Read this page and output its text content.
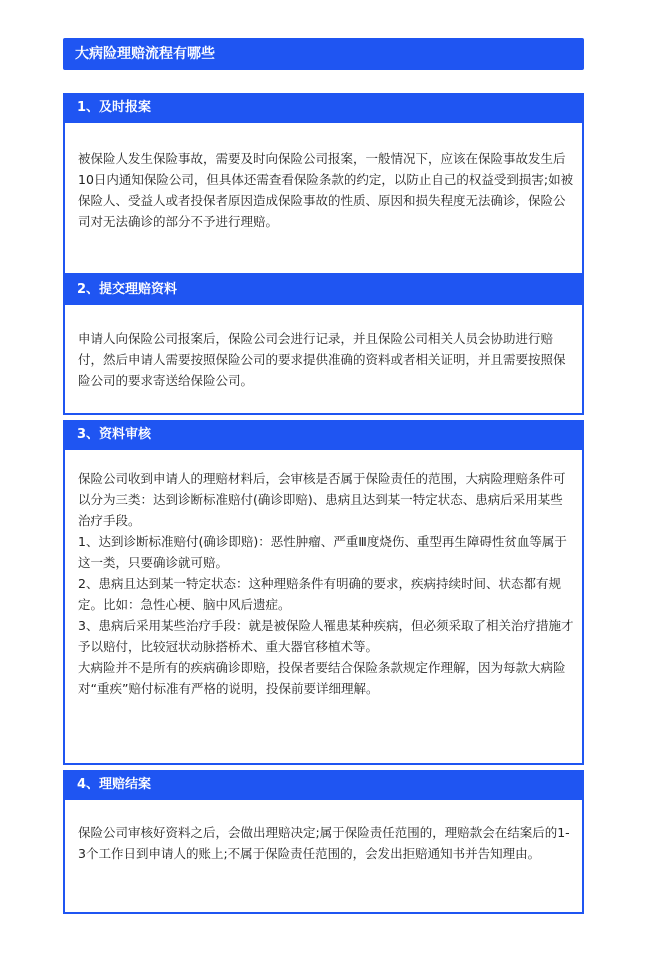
大病险理赔流程有哪些
1、及时报案

被保险人发生保险事故，需要及时向保险公司报案，一般情况下，应该在保险事故发生后10日内通知保险公司，但具体还需查看保险条款的约定，以防止自己的权益受到损害;如被保险人、受益人或者投保者原因造成保险事故的性质、原因和损失程度无法确诊，保险公司对无法确诊的部分不予进行理赔。

2、提交理赔资料

申请人向保险公司报案后，保险公司会进行记录，并且保险公司相关人员会协助进行赔付，然后申请人需要按照保险公司的要求提供准确的资料或者相关证明，并且需要按照保险公司的要求寄送给保险公司。

3、资料审核

保险公司收到申请人的理赔材料后，会审核是否属于保险责任的范围，大病险理赔条件可以分为三类：达到诊断标准赔付(确诊即赔)、患病且达到某一特定状态、患病后采用某些治疗手段。

1、达到诊断标准赔付(确诊即赔)：恶性肿瘤、严重Ⅲ度烧伤、重型再生障碍性贫血等属于这一类，只要确诊就可赔。

2、患病且达到某一特定状态：这种理赔条件有明确的要求，疾病持续时间、状态都有规定。比如：急性心梗、脑中风后遗症。

3、患病后采用某些治疗手段：就是被保险人罹患某种疾病，但必须采取了相关治疗措施才予以赔付，比较冠状动脉搭桥术、重大器官移植术等。

大病险并不是所有的疾病确诊即赔，投保者要结合保险条款规定作理解，因为每款大病险对“重疾”赔付标准有严格的说明，投保前要详细理解。

4、理赔结案

保险公司审核好资料之后，会做出理赔决定;属于保险责任范围的，理赔款会在结案后的1-3个工作日到申请人的账上;不属于保险责任范围的，会发出拒赔通知书并告知理由。
